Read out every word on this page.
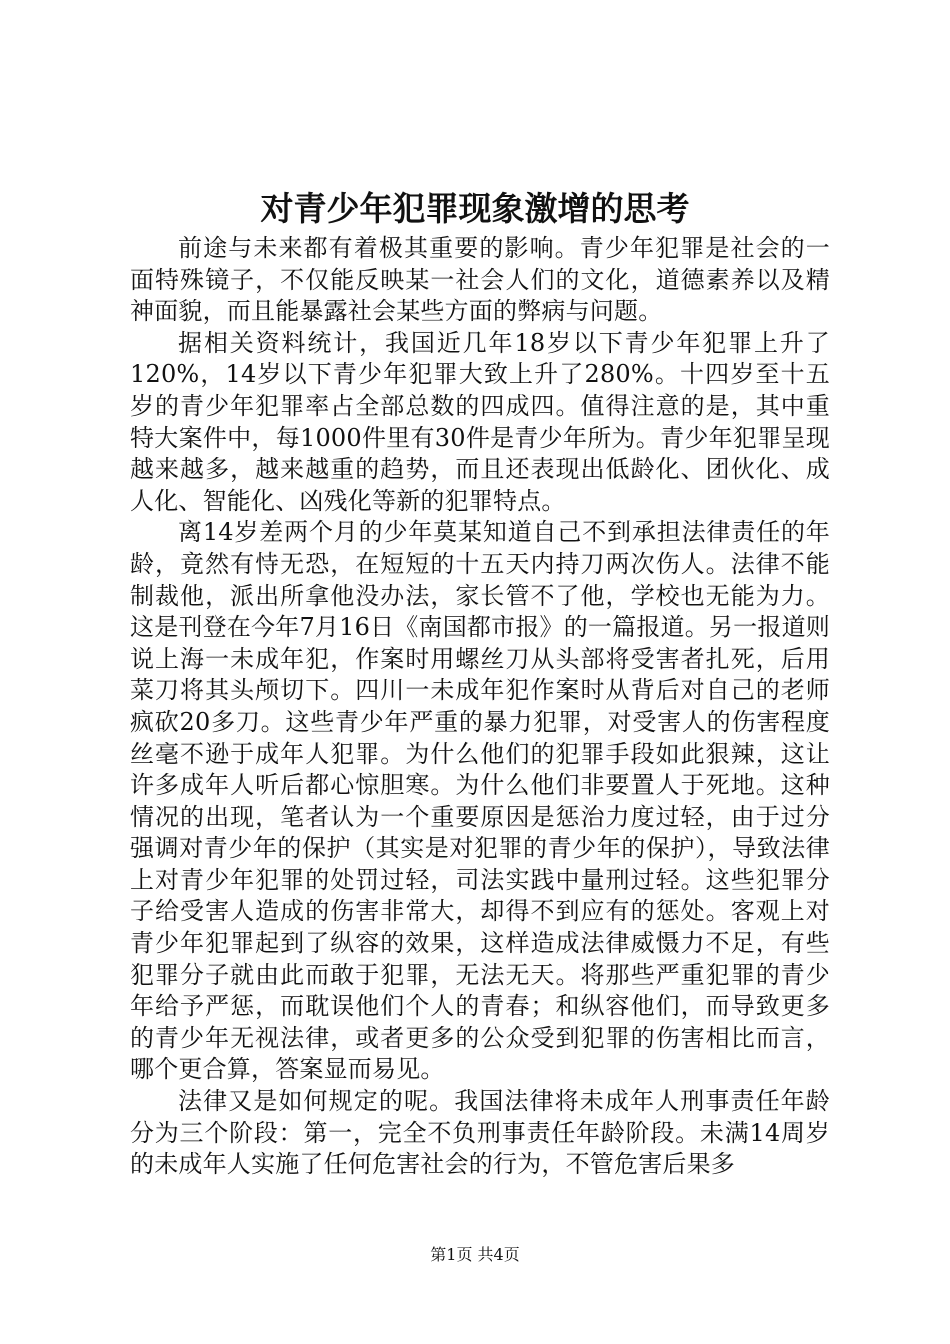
对青少年犯罪现象激增的思考

前途与未来都有着极其重要的影响。青少年犯罪是社会的一面特殊镜子，不仅能反映某一社会人们的文化，道德素养以及精神面貌，而且能暴露社会某些方面的弊病与问题。

据相关资料统计，我国近几年18岁以下青少年犯罪上升了120%，14岁以下青少年犯罪大致上升了280%。十四岁至十五岁的青少年犯罪率占全部总数的四成四。值得注意的是，其中重特大案件中，每1000件里有30件是青少年所为。青少年犯罪呈现越来越多，越来越重的趋势，而且还表现出低龄化、团伙化、成人化、智能化、凶残化等新的犯罪特点。

离14岁差两个月的少年莫某知道自己不到承担法律责任的年龄，竟然有恃无恐，在短短的十五天内持刀两次伤人。法律不能制裁他，派出所拿他没办法，家长管不了他，学校也无能为力。这是刊登在今年7月16日《南国都市报》的一篇报道。另一报道则说上海一未成年犯，作案时用螺丝刀从头部将受害者扎死，后用菜刀将其头颅切下。四川一未成年犯作案时从背后对自己的老师疯砍20多刀。这些青少年严重的暴力犯罪，对受害人的伤害程度丝毫不逊于成年人犯罪。为什么他们的犯罪手段如此狠辣，这让许多成年人听后都心惊胆寒。为什么他们非要置人于死地。这种情况的出现，笔者认为一个重要原因是惩治力度过轻，由于过分强调对青少年的保护（其实是对犯罪的青少年的保护），导致法律上对青少年犯罪的处罚过轻，司法实践中量刑过轻。这些犯罪分子给受害人造成的伤害非常大，却得不到应有的惩处。客观上对青少年犯罪起到了纵容的效果，这样造成法律威慑力不足，有些犯罪分子就由此而敢于犯罪，无法无天。将那些严重犯罪的青少年给予严惩，而耽误他们个人的青春；和纵容他们，而导致更多的青少年无视法律，或者更多的公众受到犯罪的伤害相比而言，哪个更合算，答案显而易见。

法律又是如何规定的呢。我国法律将未成年人刑事责任年龄分为三个阶段：第一，完全不负刑事责任年龄阶段。未满14周岁的未成年人实施了任何危害社会的行为，不管危害后果多

第1页 共4页
